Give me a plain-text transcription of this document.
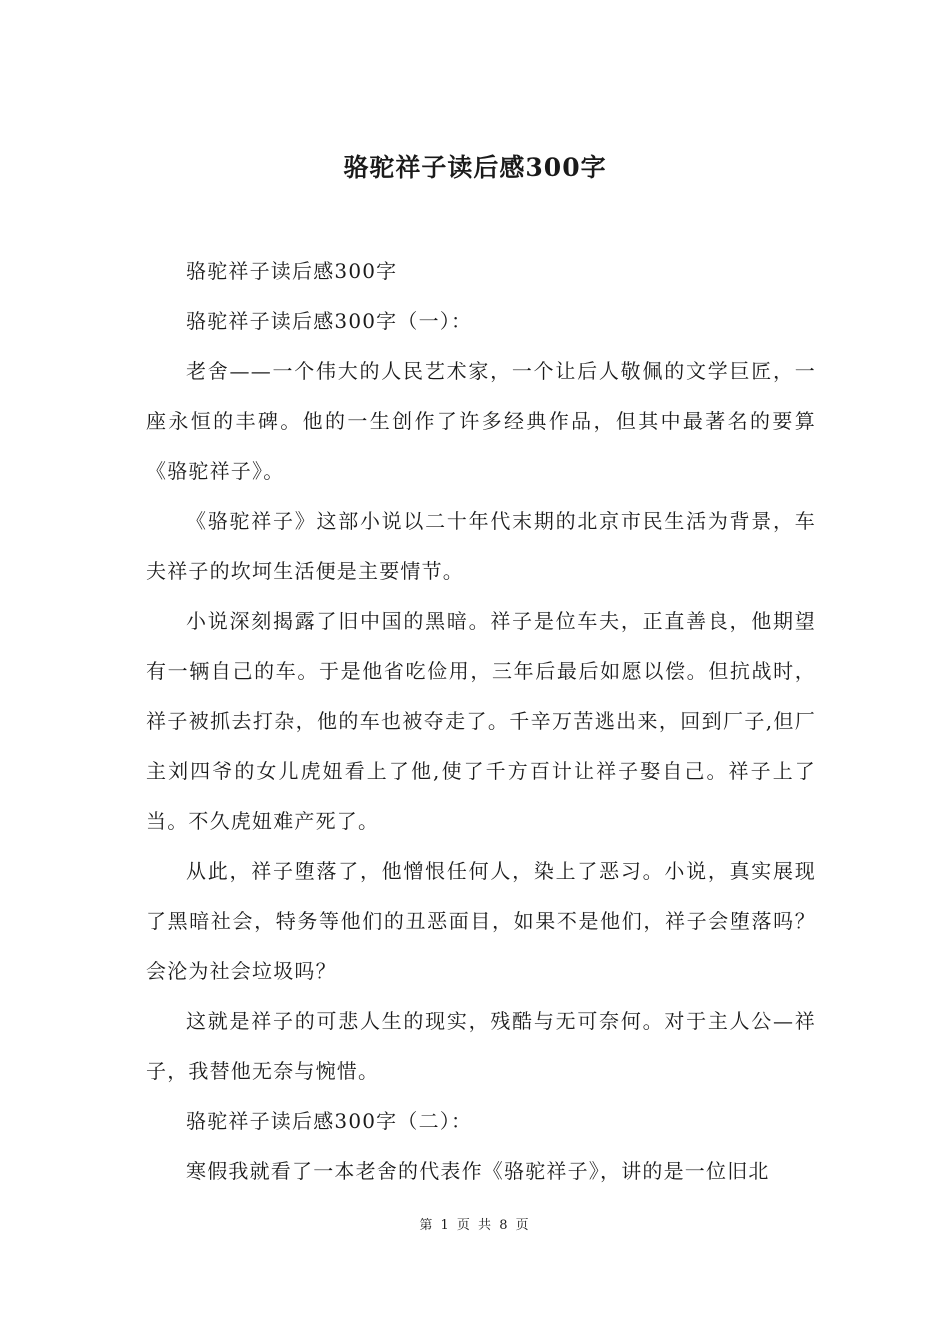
骆驼祥子读后感300字

骆驼祥子读后感300字

骆驼祥子读后感300字（一）：

老舍——一个伟大的人民艺术家，一个让后人敬佩的文学巨匠，一座永恒的丰碑。他的一生创作了许多经典作品，但其中最著名的要算《骆驼祥子》。

《骆驼祥子》这部小说以二十年代末期的北京市民生活为背景，车夫祥子的坎坷生活便是主要情节。

小说深刻揭露了旧中国的黑暗。祥子是位车夫，正直善良，他期望有一辆自己的车。于是他省吃俭用，三年后最后如愿以偿。但抗战时，祥子被抓去打杂，他的车也被夺走了。千辛万苦逃出来，回到厂子,但厂主刘四爷的女儿虎妞看上了他,使了千方百计让祥子娶自己。祥子上了当。不久虎妞难产死了。

从此，祥子堕落了，他憎恨任何人，染上了恶习。小说，真实展现了黑暗社会，特务等他们的丑恶面目，如果不是他们，祥子会堕落吗？会沦为社会垃圾吗？

这就是祥子的可悲人生的现实，残酷与无可奈何。对于主人公—祥子，我替他无奈与惋惜。

骆驼祥子读后感300字（二）：

寒假我就看了一本老舍的代表作《骆驼祥子》，讲的是一位旧北

第 1 页 共 8 页
